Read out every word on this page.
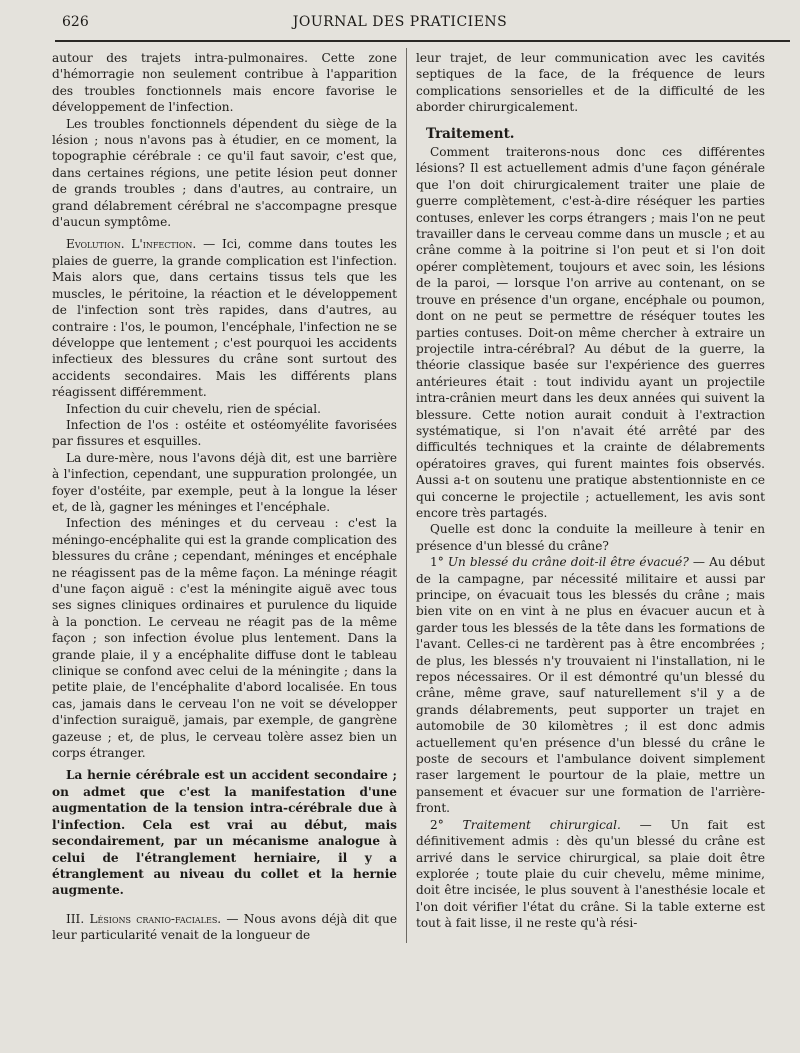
626	JOURNAL DES PRATICIENS

autour des trajets intra-pulmonaires. Cette zone d'hémorragie non seulement contribue à l'apparition des troubles fonctionnels mais encore favorise le développement de l'infection.

Les troubles fonctionnels dépendent du siège de la lésion ; nous n'avons pas à étudier, en ce moment, la topographie cérébrale : ce qu'il faut savoir, c'est que, dans certaines régions, une petite lésion peut donner de grands troubles ; dans d'autres, au contraire, un grand délabrement cérébral ne s'accompagne presque d'aucun symptôme.

Evolution. L'infection. — Ici, comme dans toutes les plaies de guerre, la grande complication est l'infection. Mais alors que, dans certains tissus tels que les muscles, le péritoine, la réaction et le développement de l'infection sont très rapides, dans d'autres, au contraire : l'os, le poumon, l'encéphale, l'infection ne se développe que lentement ; c'est pourquoi les accidents infectieux des blessures du crâne sont surtout des accidents secondaires. Mais les différents plans réagissent différemment.

Infection du cuir chevelu, rien de spécial.

Infection de l'os : ostéite et ostéomyélite favorisées par fissures et esquilles.

La dure-mère, nous l'avons déjà dit, est une barrière à l'infection, cependant, une suppuration prolongée, un foyer d'ostéite, par exemple, peut à la longue la léser et, de là, gagner les méninges et l'encéphale.

Infection des méninges et du cerveau : c'est la méningo-encéphalite qui est la grande complication des blessures du crâne ; cependant, méninges et encéphale ne réagissent pas de la même façon. La méninge réagit d'une façon aiguë : c'est la méningite aiguë avec tous ses signes cliniques ordinaires et purulence du liquide à la ponction. Le cerveau ne réagit pas de la même façon ; son infection évolue plus lentement. Dans la grande plaie, il y a encéphalite diffuse dont le tableau clinique se confond avec celui de la méningite ; dans la petite plaie, de l'encéphalite d'abord localisée. En tous cas, jamais dans le cerveau l'on ne voit se développer d'infection suraiguë, jamais, par exemple, de gangrène gazeuse ; et, de plus, le cerveau tolère assez bien un corps étranger.

La hernie cérébrale est un accident secondaire ; on admet que c'est la manifestation d'une augmentation de la tension intra-cérébrale due à l'infection. Cela est vrai au début, mais secondairement, par un mécanisme analogue à celui de l'étranglement herniaire, il y a étranglement au niveau du collet et la hernie augmente.

III. Lésions cranio-faciales. — Nous avons déjà dit que leur particularité venait de la longueur de

leur trajet, de leur communication avec les cavités septiques de la face, de la fréquence de leurs complications sensorielles et de la difficulté de les aborder chirurgicalement.

Traitement.

Comment traiterons-nous donc ces différentes lésions? Il est actuellement admis d'une façon générale que l'on doit chirurgicalement traiter une plaie de guerre complètement, c'est-à-dire réséquer les parties contuses, enlever les corps étrangers ; mais l'on ne peut travailler dans le cerveau comme dans un muscle ; et au crâne comme à la poitrine si l'on peut et si l'on doit opérer complètement, toujours et avec soin, les lésions de la paroi, — lorsque l'on arrive au contenant, on se trouve en présence d'un organe, encéphale ou poumon, dont on ne peut se permettre de réséquer toutes les parties contuses. Doit-on même chercher à extraire un projectile intra-cérébral? Au début de la guerre, la théorie classique basée sur l'expérience des guerres antérieures était : tout individu ayant un projectile intra-crânien meurt dans les deux années qui suivent la blessure. Cette notion aurait conduit à l'extraction systématique, si l'on n'avait été arrêté par des difficultés techniques et la crainte de délabrements opératoires graves, qui furent maintes fois observés. Aussi a-t on soutenu une pratique abstentionniste en ce qui concerne le projectile ; actuellement, les avis sont encore très partagés.

Quelle est donc la conduite la meilleure à tenir en présence d'un blessé du crâne?

1° Un blessé du crâne doit-il être évacué? — Au début de la campagne, par nécessité militaire et aussi par principe, on évacuait tous les blessés du crâne ; mais bien vite on en vint à ne plus en évacuer aucun et à garder tous les blessés de la tête dans les formations de l'avant. Celles-ci ne tardèrent pas à être encombrées ; de plus, les blessés n'y trouvaient ni l'installation, ni le repos nécessaires. Or il est démontré qu'un blessé du crâne, même grave, sauf naturellement s'il y a de grands délabrements, peut supporter un trajet en automobile de 30 kilomètres ; il est donc admis actuellement qu'en présence d'un blessé du crâne le poste de secours et l'ambulance doivent simplement raser largement le pourtour de la plaie, mettre un pansement et évacuer sur une formation de l'arrière-front.

2° Traitement chirurgical. — Un fait est définitivement admis : dès qu'un blessé du crâne est arrivé dans le service chirurgical, sa plaie doit être explorée ; toute plaie du cuir chevelu, même minime, doit être incisée, le plus souvent à l'anesthésie locale et l'on doit vérifier l'état du crâne. Si la table externe est tout à fait lisse, il ne reste qu'à rési-
